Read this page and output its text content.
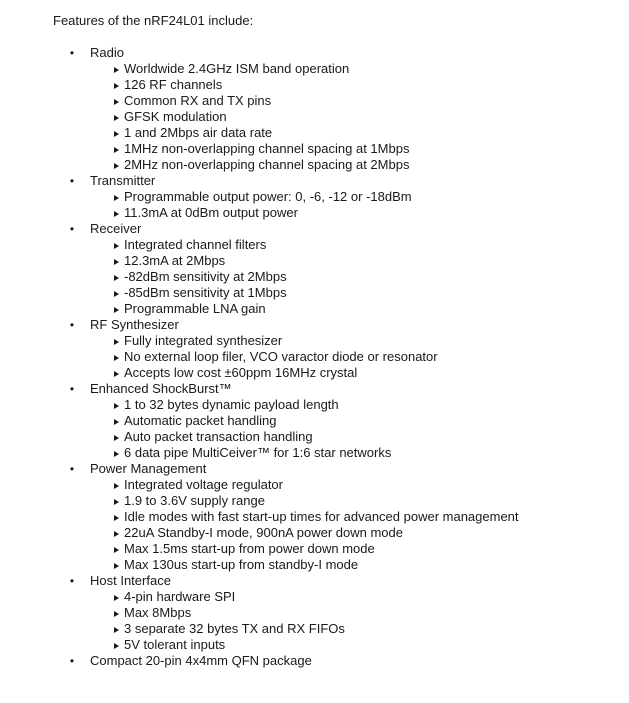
Features of the nRF24L01 include:
• Radio
Worldwide 2.4GHz ISM band operation
126 RF channels
Common RX and TX pins
GFSK modulation
1 and 2Mbps air data rate
1MHz non-overlapping channel spacing at 1Mbps
2MHz non-overlapping channel spacing at 2Mbps
• Transmitter
Programmable output power: 0, -6, -12 or -18dBm
11.3mA at 0dBm output power
• Receiver
Integrated channel filters
12.3mA at 2Mbps
-82dBm sensitivity at 2Mbps
-85dBm sensitivity at 1Mbps
Programmable LNA gain
• RF Synthesizer
Fully integrated synthesizer
No external loop filer, VCO varactor diode or resonator
Accepts low cost ±60ppm 16MHz crystal
• Enhanced ShockBurst™
1 to 32 bytes dynamic payload length
Automatic packet handling
Auto packet transaction handling
6 data pipe MultiCeiver™ for 1:6 star networks
• Power Management
Integrated voltage regulator
1.9 to 3.6V supply range
Idle modes with fast start-up times for advanced power management
22uA Standby-I mode, 900nA power down mode
Max 1.5ms start-up from power down mode
Max 130us start-up from standby-I mode
• Host Interface
4-pin hardware SPI
Max 8Mbps
3 separate 32 bytes TX and RX FIFOs
5V tolerant inputs
• Compact 20-pin 4x4mm QFN package
